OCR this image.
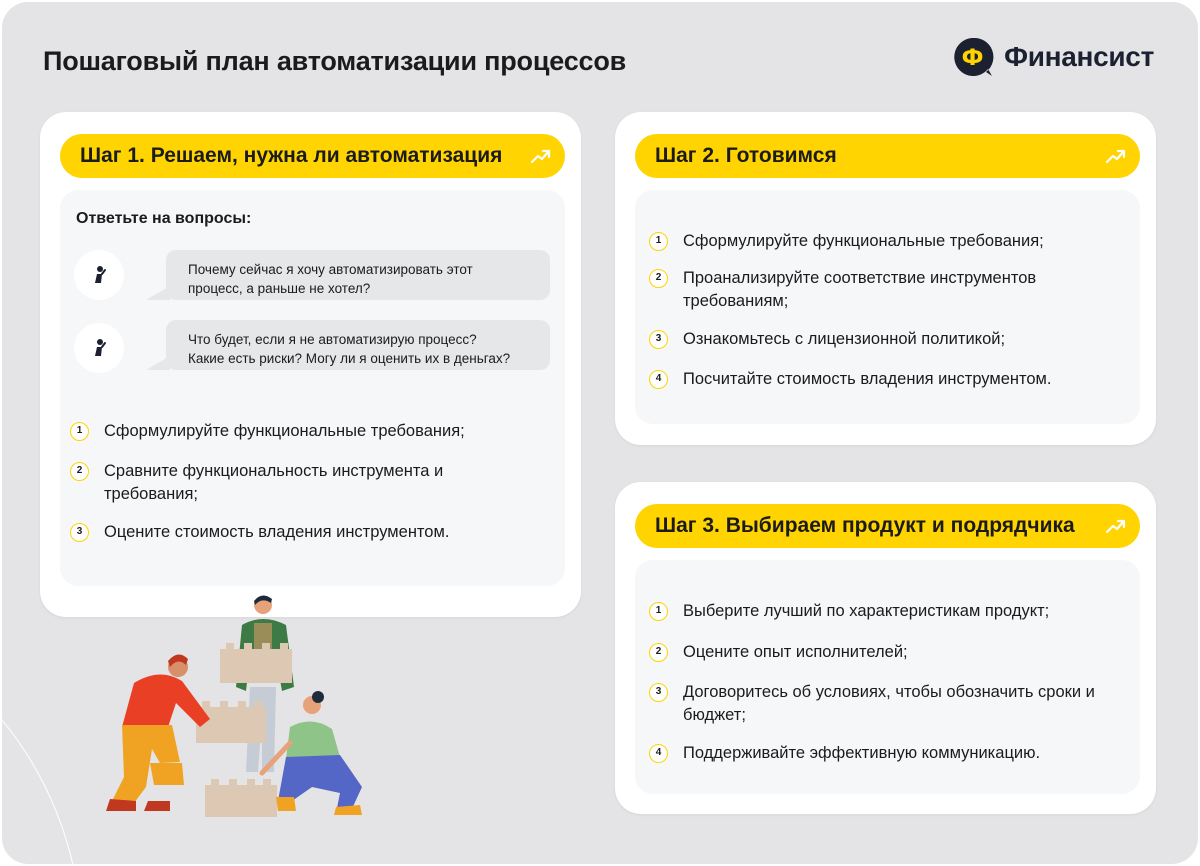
Пошаговый план автоматизации процессов	Ф Финансист
Шаг 1. Решаем, нужна ли автоматизация
Ответьте на вопросы:
Почему сейчас я хочу автоматизировать этот
процесс, а раньше не хотел?
Что будет, если я не автоматизирую процесс?
Какие есть риски? Могу ли я оценить их в деньгах?
1	Сформулируйте функциональные требования;
2	Сравните функциональность инструмента и требования;
3	Оцените стоимость владения инструментом.
Шаг 2. Готовимся
1	Сформулируйте функциональные требования;
2	Проанализируйте соответствие инструментов требованиям;
3	Ознакомьтесь с лицензионной политикой;
4	Посчитайте стоимость владения инструментом.
Шаг 3. Выбираем продукт и подрядчика
1	Выберите лучший по характеристикам продукт;
2	Оцените опыт исполнителей;
3	Договоритесь об условиях, чтобы обозначить сроки и бюджет;
4	Поддерживайте эффективную коммуникацию.
